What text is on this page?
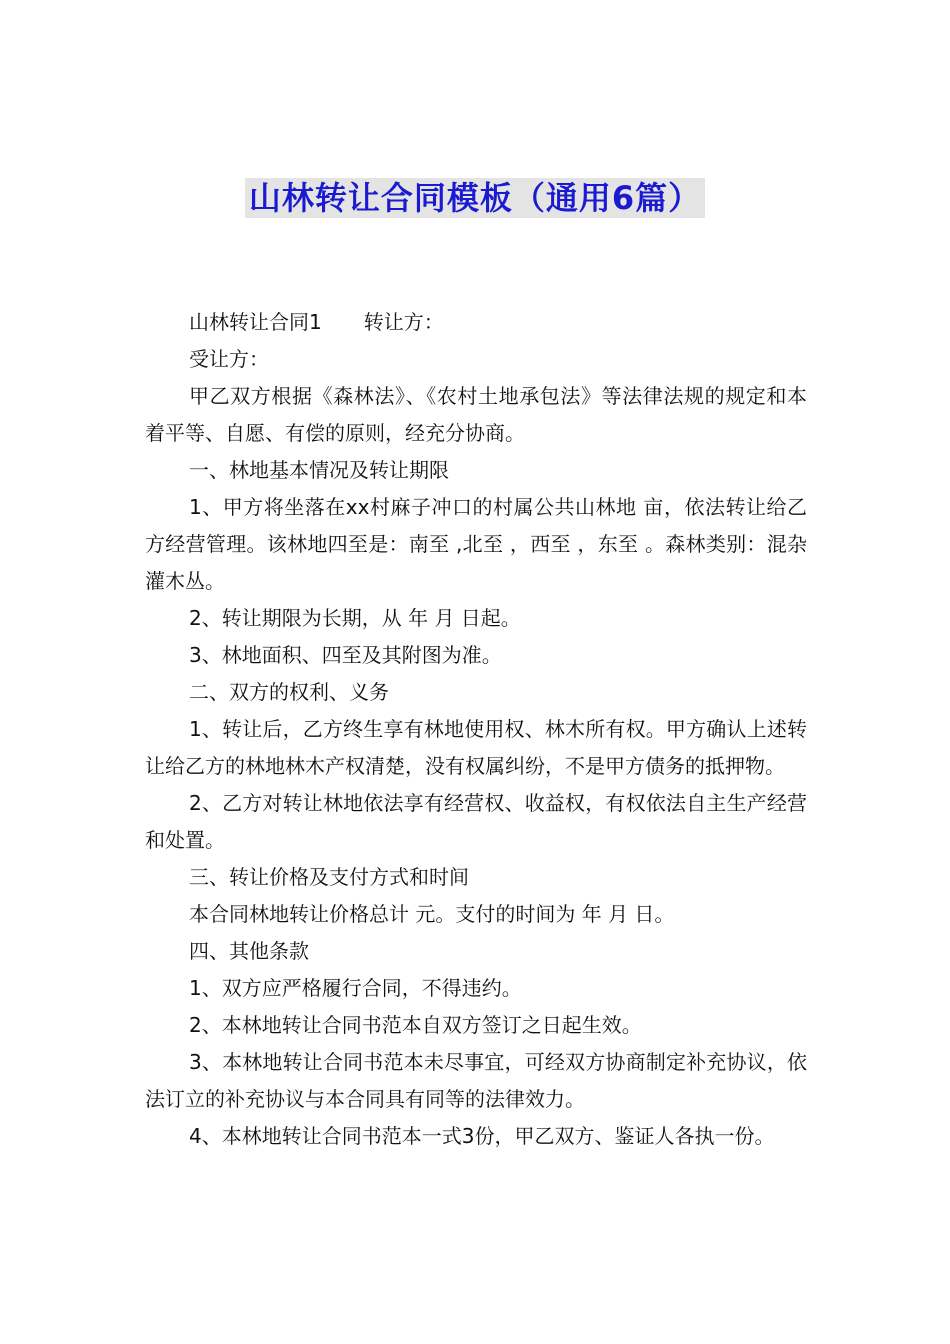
山林转让合同模板（通用6篇）

山林转让合同1 转让方：

受让方：

甲乙双方根据《森林法》、《农村土地承包法》等法律法规的规定和本着平等、自愿、有偿的原则，经充分协商。

一、林地基本情况及转让期限

1、甲方将坐落在xx村麻子冲口的村属公共山林地 亩，依法转让给乙方经营管理。该林地四至是：南至 ,北至 ，西至 ，东至 。森林类别：混杂灌木丛。

2、转让期限为长期，从 年 月 日起。

3、林地面积、四至及其附图为准。

二、双方的权利、义务

1、转让后，乙方终生享有林地使用权、林木所有权。甲方确认上述转让给乙方的林地林木产权清楚，没有权属纠纷，不是甲方债务的抵押物。

2、乙方对转让林地依法享有经营权、收益权，有权依法自主生产经营和处置。

三、转让价格及支付方式和时间

本合同林地转让价格总计 元。支付的时间为 年 月 日。

四、其他条款

1、双方应严格履行合同，不得违约。

2、本林地转让合同书范本自双方签订之日起生效。

3、本林地转让合同书范本未尽事宜，可经双方协商制定补充协议，依法订立的补充协议与本合同具有同等的法律效力。

4、本林地转让合同书范本一式3份，甲乙双方、鉴证人各执一份。
